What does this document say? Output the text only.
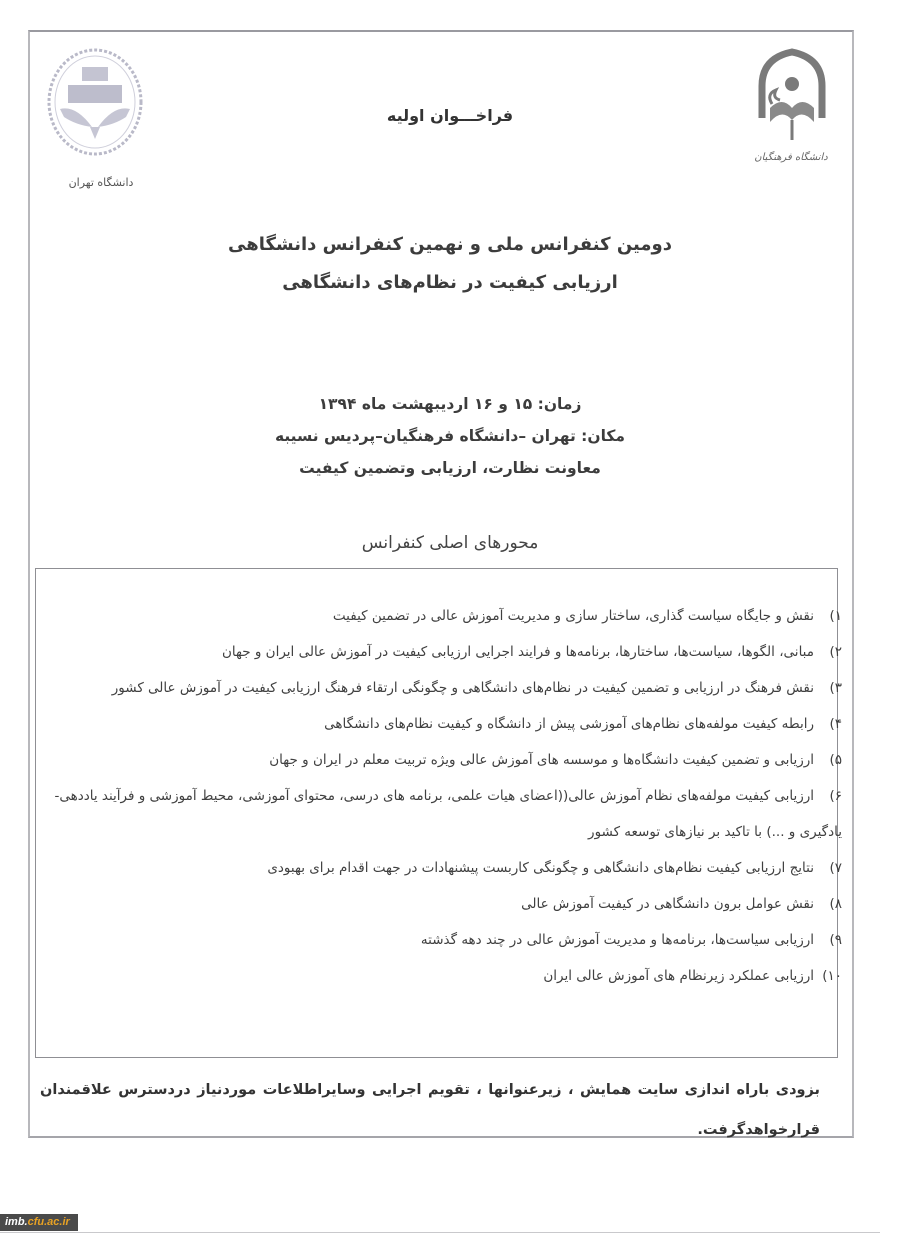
دانشگاه تهران
دانشگاه فرهنگیان
فراخـــوان اولیه
دومین کنفرانس ملی و نهمین کنفرانس دانشگاهی
ارزیابی کیفیت در نظام‌های دانشگاهی
زمان: ۱۵ و ۱۶ اردیبهشت ماه ۱۳۹۴
مکان: تهران –دانشگاه فرهنگیان–پردیس نسیبه
معاونت نظارت، ارزیابی وتضمین کیفیت
محورهای اصلی کنفرانس
۱)نقش و جایگاه سیاست گذاری، ساختار سازی و مدیریت آموزش عالی در تضمین کیفیت
۲)مبانی، الگوها، سیاست‌ها، ساختارها، برنامه‌ها و فرایند اجرایی ارزیابی کیفیت در آموزش عالی ایران و جهان
۳)نقش فرهنگ در ارزیابی و تضمین کیفیت در نظام‌های دانشگاهی و چگونگی ارتقاء فرهنگ ارزیابی کیفیت در آموزش عالی کشور
۴)رابطه کیفیت مولفه‌های نظام‌های آموزشی پیش از دانشگاه و کیفیت نظام‌های دانشگاهی
۵)ارزیابی و تضمین کیفیت دانشگاه‌ها و موسسه های آموزش عالی ویژه تربیت معلم در ایران و جهان
۶)ارزیابی کیفیت مولفه‌های نظام آموزش عالی((اعضای هیات علمی، برنامه های درسی، محتوای آموزشی، محیط آموزشی و فرآیند یاددهی- یادگیری و ...) با تاکید بر نیازهای توسعه کشور
۷)نتایج ارزیابی کیفیت نظام‌های دانشگاهی و چگونگی کاربست پیشنهادات در جهت اقدام برای بهبودی
۸)نقش عوامل برون دانشگاهی در کیفیت آموزش عالی
۹)ارزیابی سیاست‌ها، برنامه‌ها و مدیریت آموزش عالی در چند دهه گذشته
۱۰)ارزیابی عملکرد زیرنظام های آموزش عالی ایران
بزودی باراه اندازی سایت همایش ، زیرعنوانها ، تقویم اجرایی وسایراطلاعات موردنیاز دردسترس علاقمندان قرارخواهدگرفت.
imb.cfu.ac.ir
